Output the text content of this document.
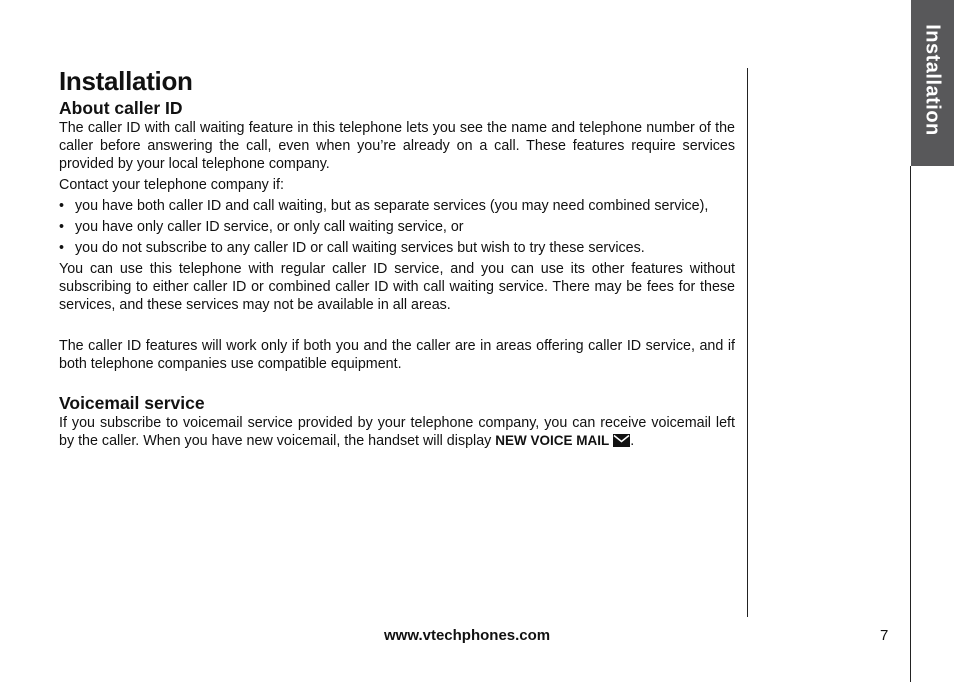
Installation
About caller ID

The caller ID with call waiting feature in this telephone lets you see the name and telephone number of the caller before answering the call, even when you’re already on a call. These features require services provided by your local telephone company.

Contact your telephone company if:

• you have both caller ID and call waiting, but as separate services (you may need combined service),
• you have only caller ID service, or only call waiting service, or
• you do not subscribe to any caller ID or call waiting services but wish to try these services.

You can use this telephone with regular caller ID service, and you can use its other features without subscribing to either caller ID or combined caller ID with call waiting service. There may be fees for these services, and these services may not be available in all areas.

The caller ID features will work only if both you and the caller are in areas offering caller ID service, and if both telephone companies use compatible equipment.

Voicemail service

If you subscribe to voicemail service provided by your telephone company, you can receive voicemail left by the caller. When you have new voicemail, the handset will display NEW VOICE MAIL .

Installation
www.vtechphones.com	7
